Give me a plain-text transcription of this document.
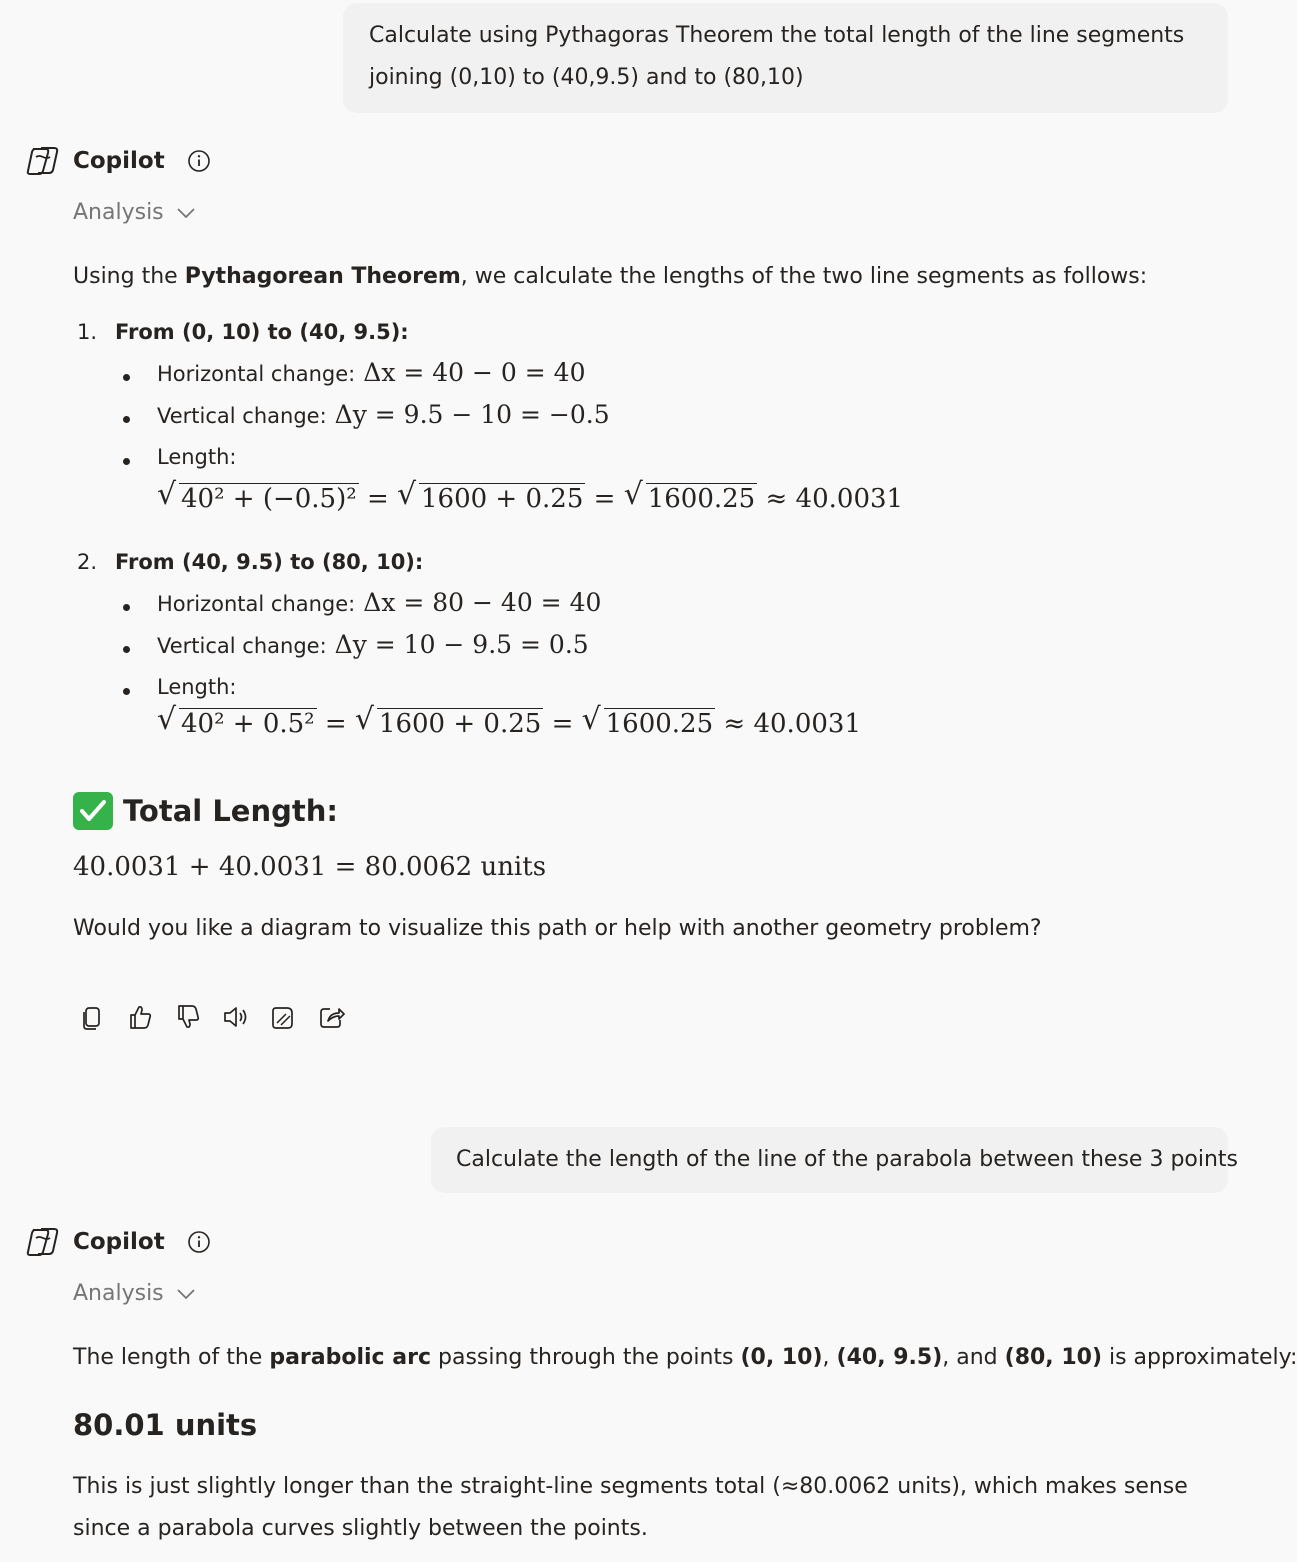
Calculate using Pythagoras Theorem the total length of the line segments joining (0,10) to (40,9.5) and to (80,10)
Copilot
Analysis
Using the Pythagorean Theorem, we calculate the lengths of the two line segments as follows:
1. From (0, 10) to (40, 9.5):
Horizontal change: Δx = 40 − 0 = 40
Vertical change: Δy = 9.5 − 10 = −0.5
Length:
√ 40² + (−0.5)² = √ 1600 + 0.25 = √ 1600.25 ≈ 40.0031
2. From (40, 9.5) to (80, 10):
Horizontal change: Δx = 80 − 40 = 40
Vertical change: Δy = 10 − 9.5 = 0.5
Length:
√ 40² + 0.5² = √ 1600 + 0.25 = √ 1600.25 ≈ 40.0031
Total Length:
40.0031 + 40.0031 = 80.0062 units
Would you like a diagram to visualize this path or help with another geometry problem?
Calculate the length of the line of the parabola between these 3 points
Copilot
Analysis
The length of the parabolic arc passing through the points (0, 10), (40, 9.5), and (80, 10) is approximately:
80.01 units
This is just slightly longer than the straight-line segments total (≈80.0062 units), which makes sense since a parabola curves slightly between the points.
